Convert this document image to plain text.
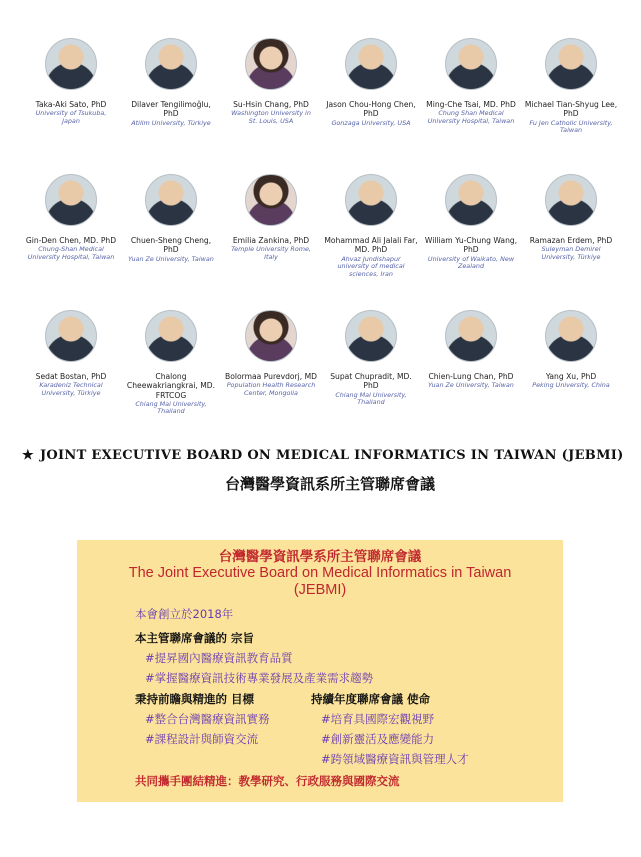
Taka-Aki Sato, PhD
University of Tsukuba, Japan
Dilaver Tengilimoğlu, PhD
Atilim University, Türkiye
Su-Hsin Chang, PhD
Washington University in St. Louis, USA
Jason Chou-Hong Chen, PhD
Gonzaga University, USA
Ming-Che Tsai, MD. PhD
Chung Shan Medical University Hospital, Taiwan
Michael Tian-Shyug Lee, PhD
Fu Jen Catholic University, Taiwan
Gin-Den Chen, MD. PhD
Chung-Shan Medical University Hospital, Taiwan
Chuen-Sheng Cheng, PhD
Yuan Ze University, Taiwan
Emilia Zankina, PhD
Temple University Rome, Italy
Mohammad Ali Jalali Far, MD. PhD
Ahvaz Jundishapur university of medical sciences, Iran
William Yu-Chung Wang, PhD
University of Waikato, New Zealand
Ramazan Erdem, PhD
Suleyman Demirel University, Türkiye
Sedat Bostan, PhD
Karadeniz Technical University, Türkiye
Chalong Cheewakriangkrai, MD. FRTCOG
Chiang Mai University, Thailand
Bolormaa Purevdorj, MD
Population Health Research Center, Mongolia
Supat Chupradit, MD. PhD
Chiang Mai University, Thailand
Chien-Lung Chan, PhD
Yuan Ze University, Taiwan
Yang Xu, PhD
Peking University, China
★ JOINT EXECUTIVE BOARD ON MEDICAL INFORMATICS IN TAIWAN (JEBMI)
台灣醫學資訊系所主管聯席會議
台灣醫學資訊學系所主管聯席會議
The Joint Executive Board on Medical Informatics in Taiwan (JEBMI)
本會創立於2018年
本主管聯席會議的 宗旨
#提昇國內醫療資訊教育品質
#掌握醫療資訊技術專業發展及產業需求趨勢
秉持前瞻與精進的 目標	持續年度聯席會議 使命
#整合台灣醫療資訊實務
#課程設計與師資交流
#培育具國際宏觀視野
#創新靈活及應變能力
#跨領域醫療資訊與管理人才
共同攜手團結精進：教學研究、行政服務與國際交流
